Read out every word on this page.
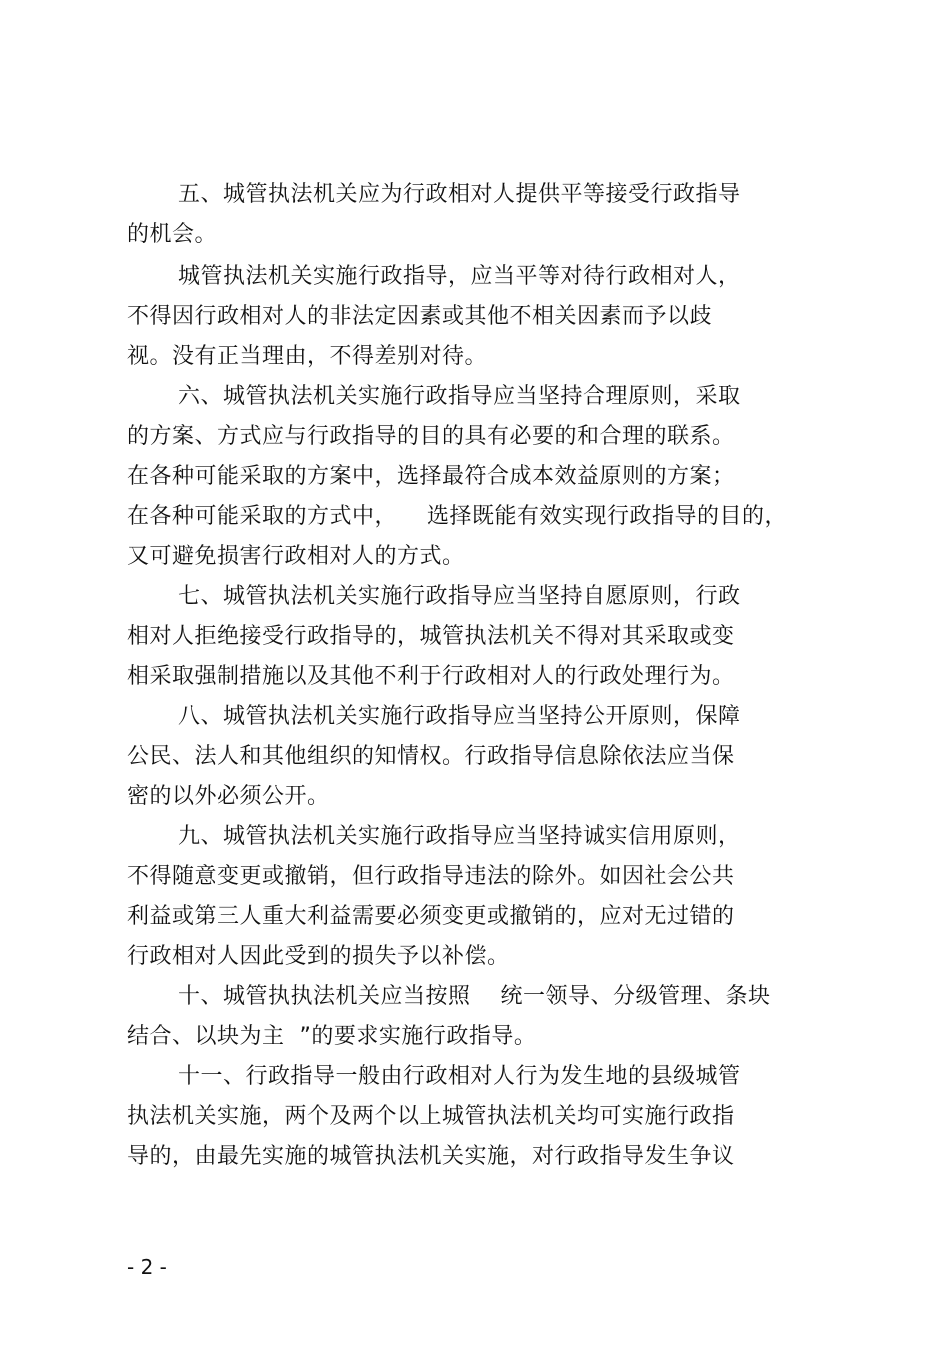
五、城管执法机关应为行政相对人提供平等接受行政指导
的机会。
城管执法机关实施行政指导，应当平等对待行政相对人，
不得因行政相对人的非法定因素或其他不相关因素而予以歧
视。没有正当理由，不得差别对待。
六、城管执法机关实施行政指导应当坚持合理原则，采取
的方案、方式应与行政指导的目的具有必要的和合理的联系。
在各种可能采取的方案中，选择最符合成本效益原则的方案；
在各种可能采取的方式中，    选择既能有效实现行政指导的目的，
又可避免损害行政相对人的方式。
七、城管执法机关实施行政指导应当坚持自愿原则，行政
相对人拒绝接受行政指导的，城管执法机关不得对其采取或变
相采取强制措施以及其他不利于行政相对人的行政处理行为。
八、城管执法机关实施行政指导应当坚持公开原则，保障
公民、法人和其他组织的知情权。行政指导信息除依法应当保
密的以外必须公开。
九、城管执法机关实施行政指导应当坚持诚实信用原则，
不得随意变更或撤销，但行政指导违法的除外。如因社会公共
利益或第三人重大利益需要必须变更或撤销的，应对无过错的
行政相对人因此受到的损失予以补偿。
十、城管执执法机关应当按照    统一领导、分级管理、条块
结合、以块为主  ”的要求实施行政指导。
十一、行政指导一般由行政相对人行为发生地的县级城管
执法机关实施，两个及两个以上城管执法机关均可实施行政指
导的，由最先实施的城管执法机关实施，对行政指导发生争议
- 2 -
